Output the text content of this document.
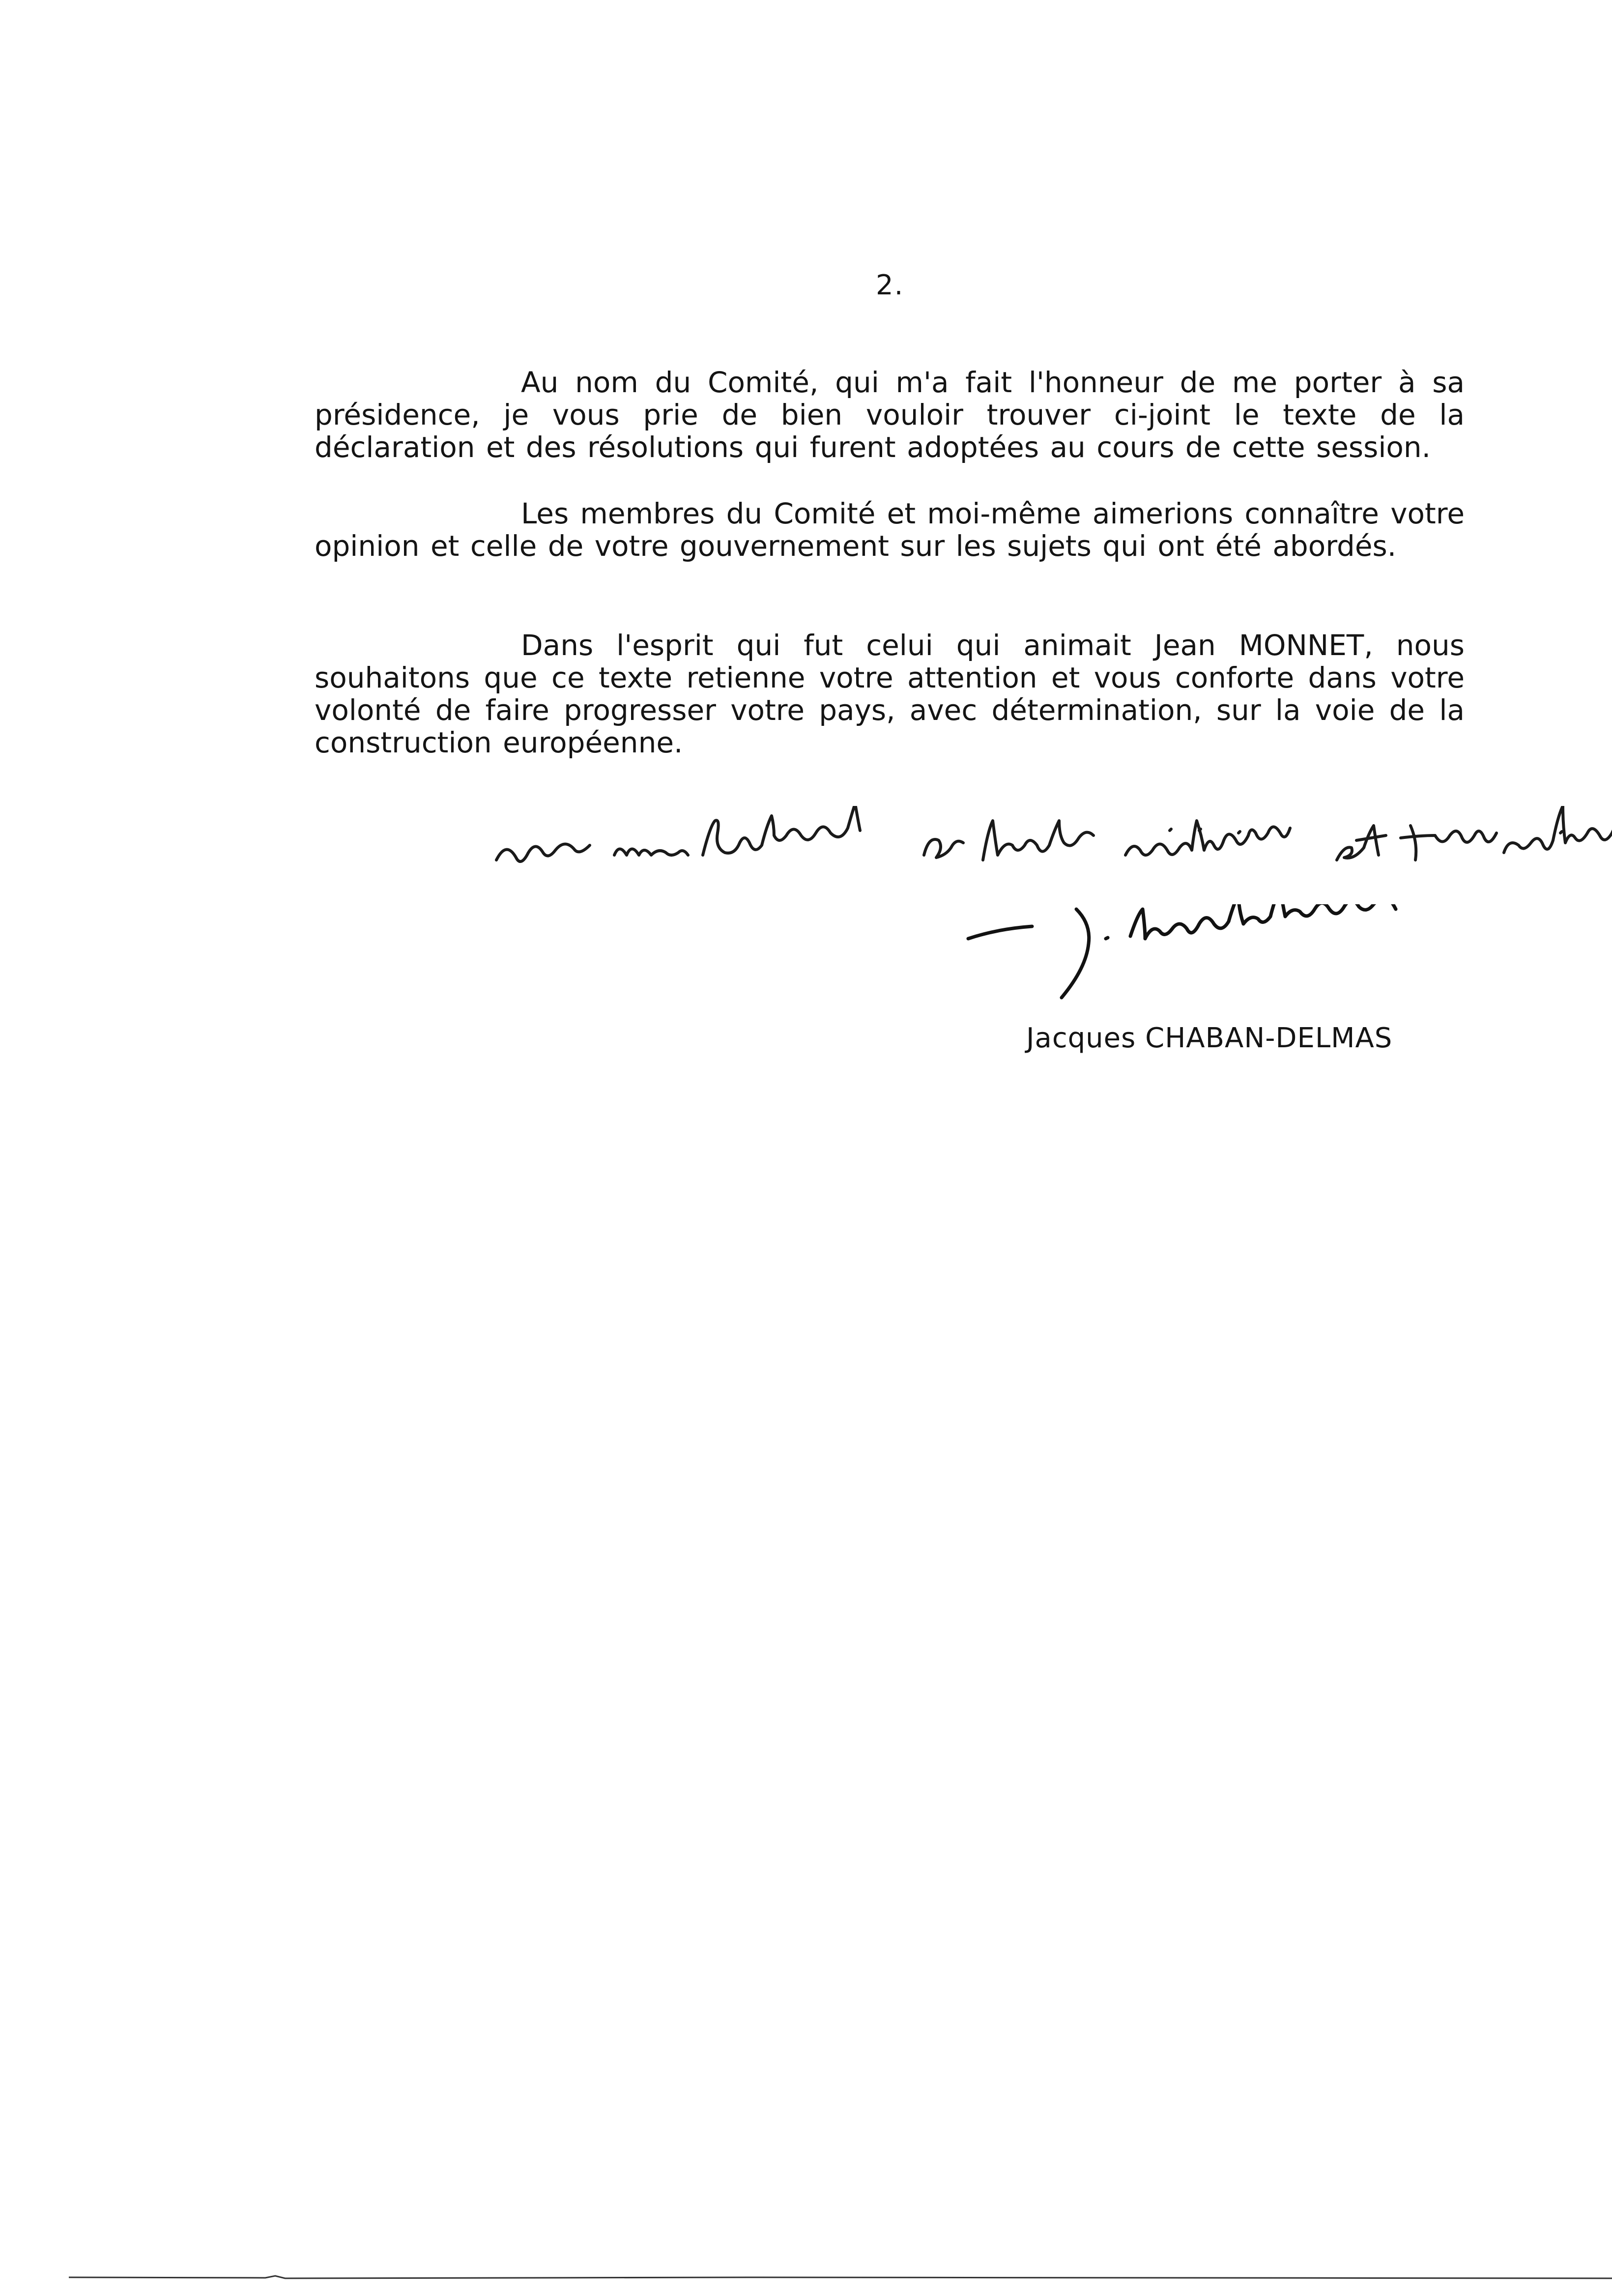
2.

Au nom du Comité, qui m'a fait l'honneur de me porter à sa présidence, je vous prie de bien vouloir trouver ci-joint le texte de la déclaration et des résolutions qui furent adoptées au cours de cette session.

Les membres du Comité et moi-même aimerions connaître votre opinion et celle de votre gouvernement sur les sujets qui ont été abordés.

Dans l'esprit qui fut celui qui animait Jean MONNET, nous souhaitons que ce texte retienne votre attention et vous conforte dans votre volonté de faire progresser votre pays, avec détermination, sur la voie de la construction européenne.

Jacques CHABAN-DELMAS
